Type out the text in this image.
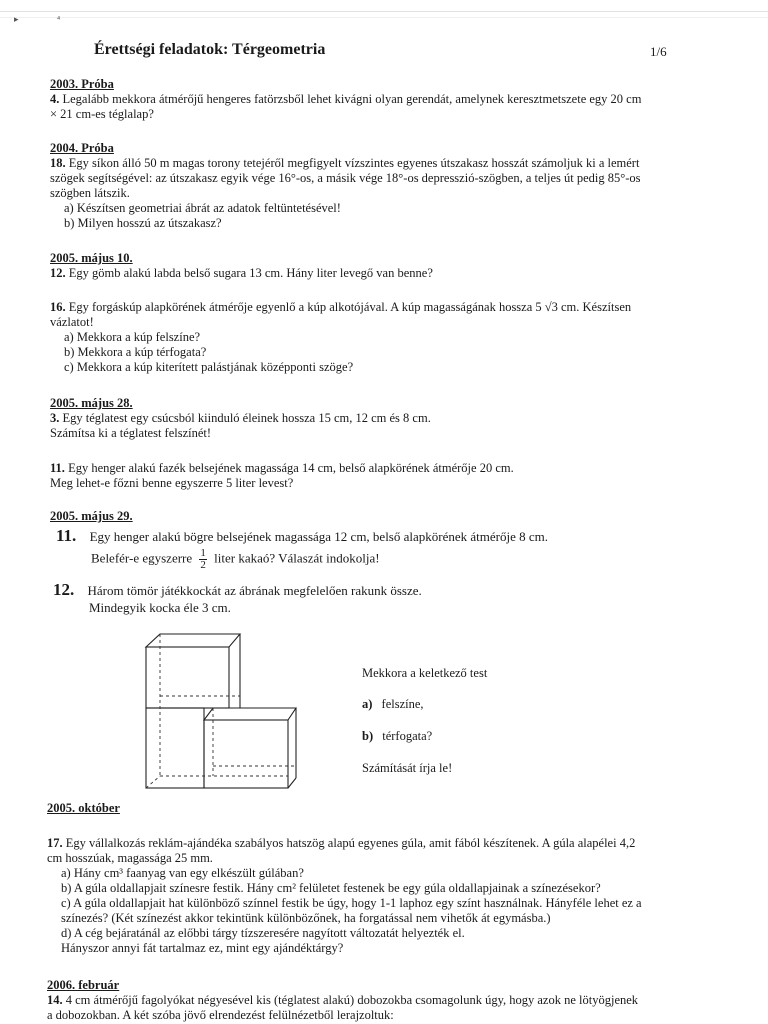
▸	⁴
Érettségi feladatok: Térgeometria	1/6
2003. Próba
4. Legalább mekkora átmérőjű hengeres fatörzsből lehet kivágni olyan gerendát, amelynek keresztmetszete egy 20 cm
× 21 cm-es téglalap?
2004. Próba
18. Egy síkon álló 50 m magas torony tetejéről megfigyelt vízszintes egyenes útszakasz hosszát számoljuk ki a lemért
szögek segítségével: az útszakasz egyik vége 16°-os, a másik vége 18°-os depresszió-szögben, a teljes út pedig 85°-os
szögben látszik.
a) Készítsen geometriai ábrát az adatok feltüntetésével!
b) Milyen hosszú az útszakasz?
2005. május 10.
12. Egy gömb alakú labda belső sugara 13 cm. Hány liter levegő van benne?
16. Egy forgáskúp alapkörének átmérője egyenlő a kúp alkotójával. A kúp magasságának hossza 5 √3 cm. Készítsen
vázlatot!
a) Mekkora a kúp felszíne?
b) Mekkora a kúp térfogata?
c) Mekkora a kúp kiterített palástjának középponti szöge?
2005. május 28.
3. Egy téglatest egy csúcsból kiinduló éleinek hossza 15 cm, 12 cm és 8 cm.
Számítsa ki a téglatest felszínét!
11. Egy henger alakú fazék belsejének magassága 14 cm, belső alapkörének átmérője 20 cm.
Meg lehet-e főzni benne egyszerre 5 liter levest?
2005. május 29.
11. Egy henger alakú bögre belsejének magassága 12 cm, belső alapkörének átmérője 8 cm.
Belefér-e egyszerre $\frac{1}{2}$ liter kakaó? Válaszát indokolja!
12. Három tömör játékkockát az ábrának megfelelően rakunk össze.
Mindegyik kocka éle 3 cm.
Mekkora a keletkező test
a) felszíne,
b) térfogata?
Számítását írja le!
2005. október
17. Egy vállalkozás reklám-ajándéka szabályos hatszög alapú egyenes gúla, amit fából készítenek. A gúla alapélei 4,2
cm hosszúak, magassága 25 mm.
a) Hány cm³ faanyag van egy elkészült gúlában?
b) A gúla oldallapjait színesre festik. Hány cm² felületet festenek be egy gúla oldallapjainak a színezésekor?
c) A gúla oldallapjait hat különböző színnel festik be úgy, hogy 1-1 laphoz egy színt használnak. Hányféle lehet ez a
színezés? (Két színezést akkor tekintünk különbözőnek, ha forgatással nem vihetők át egymásba.)
d) A cég bejáratánál az előbbi tárgy tízszeresére nagyított változatát helyezték el.
Hányszor annyi fát tartalmaz ez, mint egy ajándéktárgy?
2006. február
14. 4 cm átmérőjű fagolyókat négyesével kis (téglatest alakú) dobozokba csomagolunk úgy, hogy azok ne lötyögjenek
a dobozokban. A két szóba jövő elrendezést felülnézetből lerajzoltuk:
